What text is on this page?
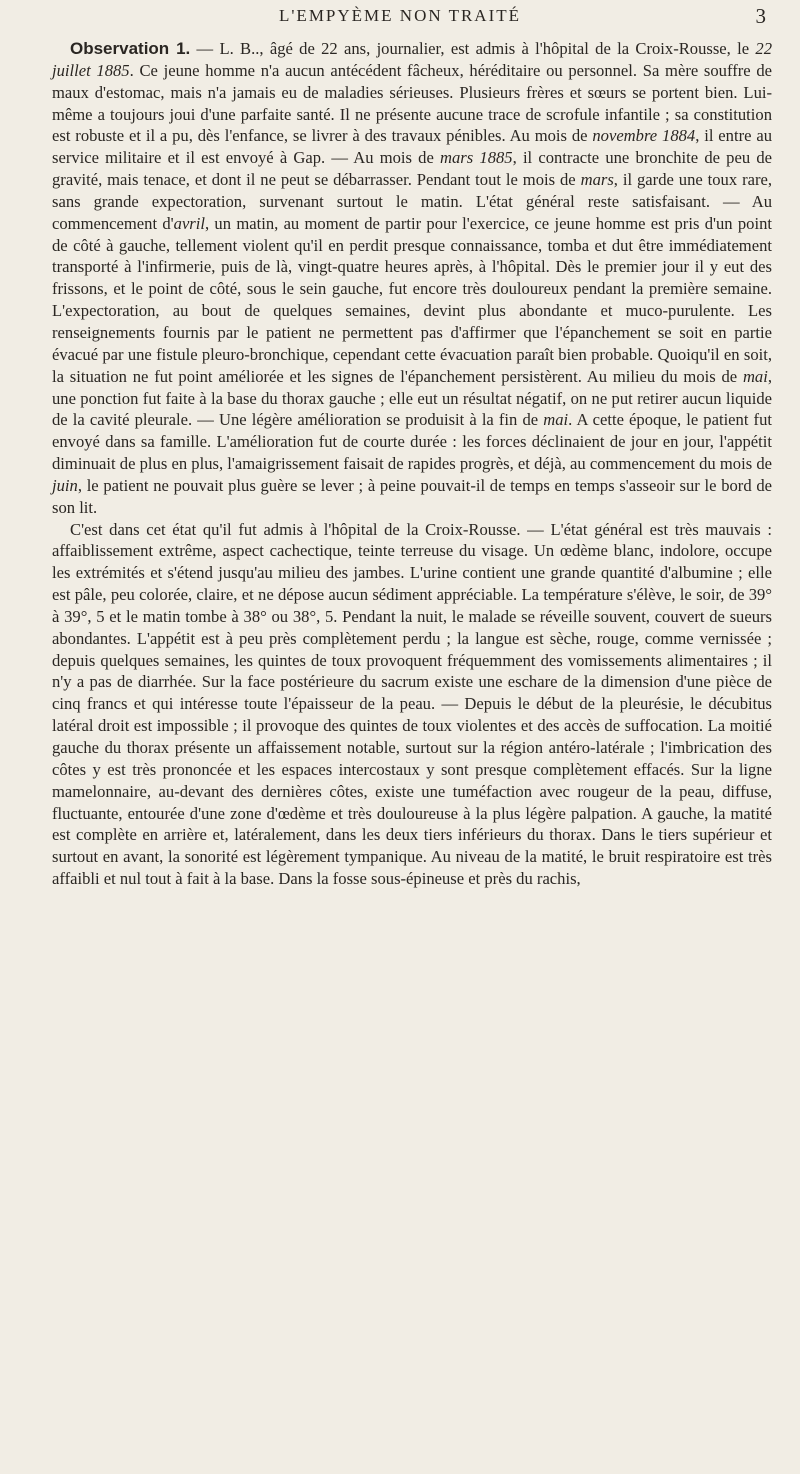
L'EMPYÈME NON TRAITÉ	3

Observation 1. — L. B.., âgé de 22 ans, journalier, est admis à l'hôpital de la Croix-Rousse, le 22 juillet 1885. Ce jeune homme n'a aucun antécédent fâcheux, héréditaire ou personnel. Sa mère souffre de maux d'estomac, mais n'a jamais eu de maladies sérieuses. Plusieurs frères et sœurs se portent bien. Lui-même a toujours joui d'une parfaite santé. Il ne présente aucune trace de scrofule infantile ; sa constitution est robuste et il a pu, dès l'enfance, se livrer à des travaux pénibles. Au mois de novembre 1884, il entre au service militaire et il est envoyé à Gap. — Au mois de mars 1885, il contracte une bronchite de peu de gravité, mais tenace, et dont il ne peut se débarrasser. Pendant tout le mois de mars, il garde une toux rare, sans grande expectoration, survenant surtout le matin. L'état général reste satisfaisant. — Au commencement d'avril, un matin, au moment de partir pour l'exercice, ce jeune homme est pris d'un point de côté à gauche, tellement violent qu'il en perdit presque connaissance, tomba et dut être immédiatement transporté à l'infirmerie, puis de là, vingt-quatre heures après, à l'hôpital. Dès le premier jour il y eut des frissons, et le point de côté, sous le sein gauche, fut encore très douloureux pendant la première semaine. L'expectoration, au bout de quelques semaines, devint plus abondante et muco-purulente. Les renseignements fournis par le patient ne permettent pas d'affirmer que l'épanchement se soit en partie évacué par une fistule pleuro-bronchique, cependant cette évacuation paraît bien probable. Quoiqu'il en soit, la situation ne fut point améliorée et les signes de l'épanchement persistèrent. Au milieu du mois de mai, une ponction fut faite à la base du thorax gauche ; elle eut un résultat négatif, on ne put retirer aucun liquide de la cavité pleurale. — Une légère amélioration se produisit à la fin de mai. A cette époque, le patient fut envoyé dans sa famille. L'amélioration fut de courte durée : les forces déclinaient de jour en jour, l'appétit diminuait de plus en plus, l'amaigrissement faisait de rapides progrès, et déjà, au commencement du mois de juin, le patient ne pouvait plus guère se lever ; à peine pouvait-il de temps en temps s'asseoir sur le bord de son lit.

C'est dans cet état qu'il fut admis à l'hôpital de la Croix-Rousse. — L'état général est très mauvais : affaiblissement extrême, aspect cachectique, teinte terreuse du visage. Un œdème blanc, indolore, occupe les extrémités et s'étend jusqu'au milieu des jambes. L'urine contient une grande quantité d'albumine ; elle est pâle, peu colorée, claire, et ne dépose aucun sédiment appréciable. La température s'élève, le soir, de 39° à 39°, 5 et le matin tombe à 38° ou 38°, 5. Pendant la nuit, le malade se réveille souvent, couvert de sueurs abondantes. L'appétit est à peu près complètement perdu ; la langue est sèche, rouge, comme vernissée ; depuis quelques semaines, les quintes de toux provoquent fréquemment des vomissements alimentaires ; il n'y a pas de diarrhée. Sur la face postérieure du sacrum existe une eschare de la dimension d'une pièce de cinq francs et qui intéresse toute l'épaisseur de la peau. — Depuis le début de la pleurésie, le décubitus latéral droit est impossible ; il provoque des quintes de toux violentes et des accès de suffocation. La moitié gauche du thorax présente un affaissement notable, surtout sur la région antéro-latérale ; l'imbrication des côtes y est très prononcée et les espaces intercostaux y sont presque complètement effacés. Sur la ligne mamelonnaire, au-devant des dernières côtes, existe une tuméfaction avec rougeur de la peau, diffuse, fluctuante, entourée d'une zone d'œdème et très douloureuse à la plus légère palpation. A gauche, la matité est complète en arrière et, latéralement, dans les deux tiers inférieurs du thorax. Dans le tiers supérieur et surtout en avant, la sonorité est légèrement tympanique. Au niveau de la matité, le bruit respiratoire est très affaibli et nul tout à fait à la base. Dans la fosse sous-épineuse et près du rachis,
